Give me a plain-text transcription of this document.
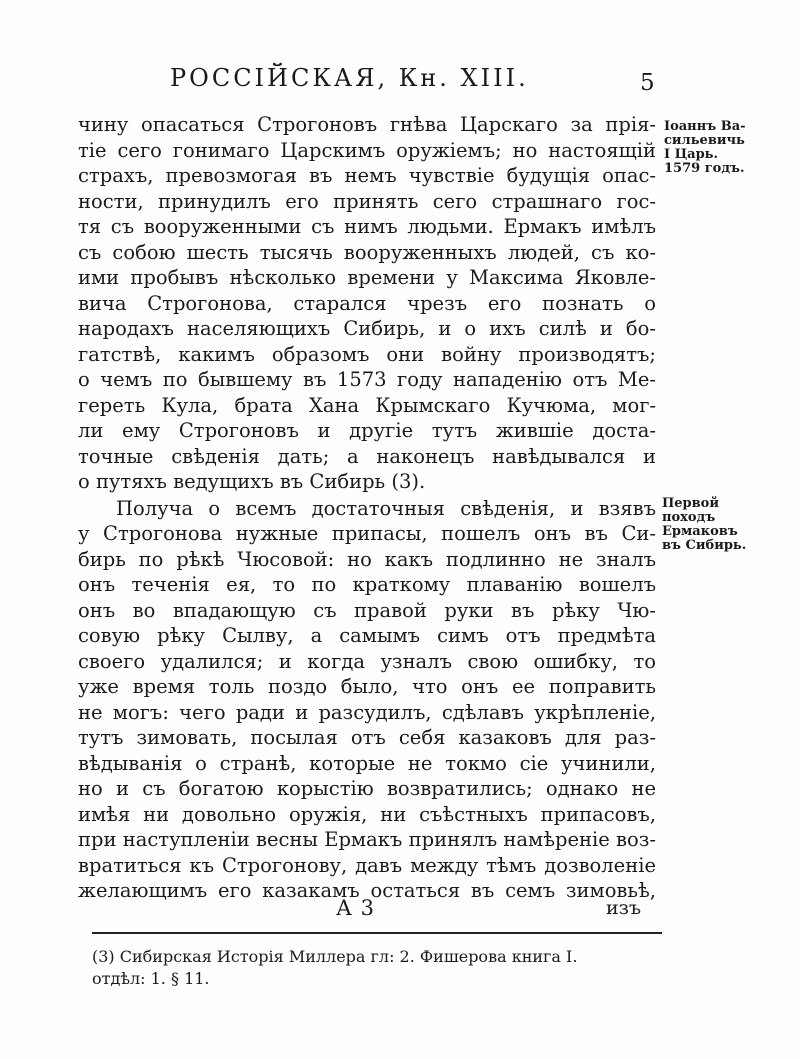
РОССІЙСКАЯ, Кн. XIII.	5
Іоаннъ Ва-
сильевичь
I Царь.
1579 годъ.
Первой
походъ
Ермаковъ
въ Сибирь.
чину опасаться Строгоновъ гнѣва Царскаго за прія-
тіе сего гонимаго Царскимъ оружіемъ; но настоящій
страхъ, превозмогая въ немъ чувствіе будущія опас-
ности, принудилъ его принять сего страшнаго гос-
тя съ вооруженными съ нимъ людьми. Ермакъ имѣлъ
съ собою шесть тысячь вооруженныхъ людей, съ ко-
ими пробывъ нѣсколько времени у Максима Яковле-
вича Строгонова, старался чрезъ его познать о
народахъ населяющихъ Сибирь, и о ихъ силѣ и бо-
гатствѣ, какимъ образомъ они войну производятъ;
о чемъ по бывшему въ 1573 году нападенію отъ Ме-
гереть Кула, брата Хана Крымскаго Кучюма, мог-
ли ему Строгоновъ и другіе тутъ жившіе доста-
точные свѣденія дать; а наконецъ навѣдывался и
о путяхъ ведущихъ въ Сибирь (3).
Получа о всемъ достаточныя свѣденія, и взявъ
у Строгонова нужные припасы, пошелъ онъ въ Си-
бирь по рѣкѣ Чюсовой: но какъ подлинно не зналъ
онъ теченія ея, то по краткому плаванію вошелъ
онъ во впадающую съ правой руки въ рѣку Чю-
совую рѣку Сылву, а самымъ симъ отъ предмѣта
своего удалился; и когда узналъ свою ошибку, то
уже время толь поздо было, что онъ ее поправить
не могъ: чего ради и разсудилъ, сдѣлавъ укрѣпленіе,
тутъ зимовать, посылая отъ себя казаковъ для раз-
вѣдыванія о странѣ, которые не токмо сіе учинили,
но и съ богатою корыстію возвратились; однако не
имѣя ни довольно оружія, ни съѣстныхъ припасовъ,
при наступленіи весны Ермакъ принялъ намѣреніе воз-
вратиться къ Строгонову, давъ между тѣмъ дозволеніе
желающимъ его казакамъ остаться въ семъ зимовьѣ,
А 3	изъ
(3) Сибирская Исторія Миллера гл: 2. Фишерова книга I.
отдѣл: 1. § 11.
